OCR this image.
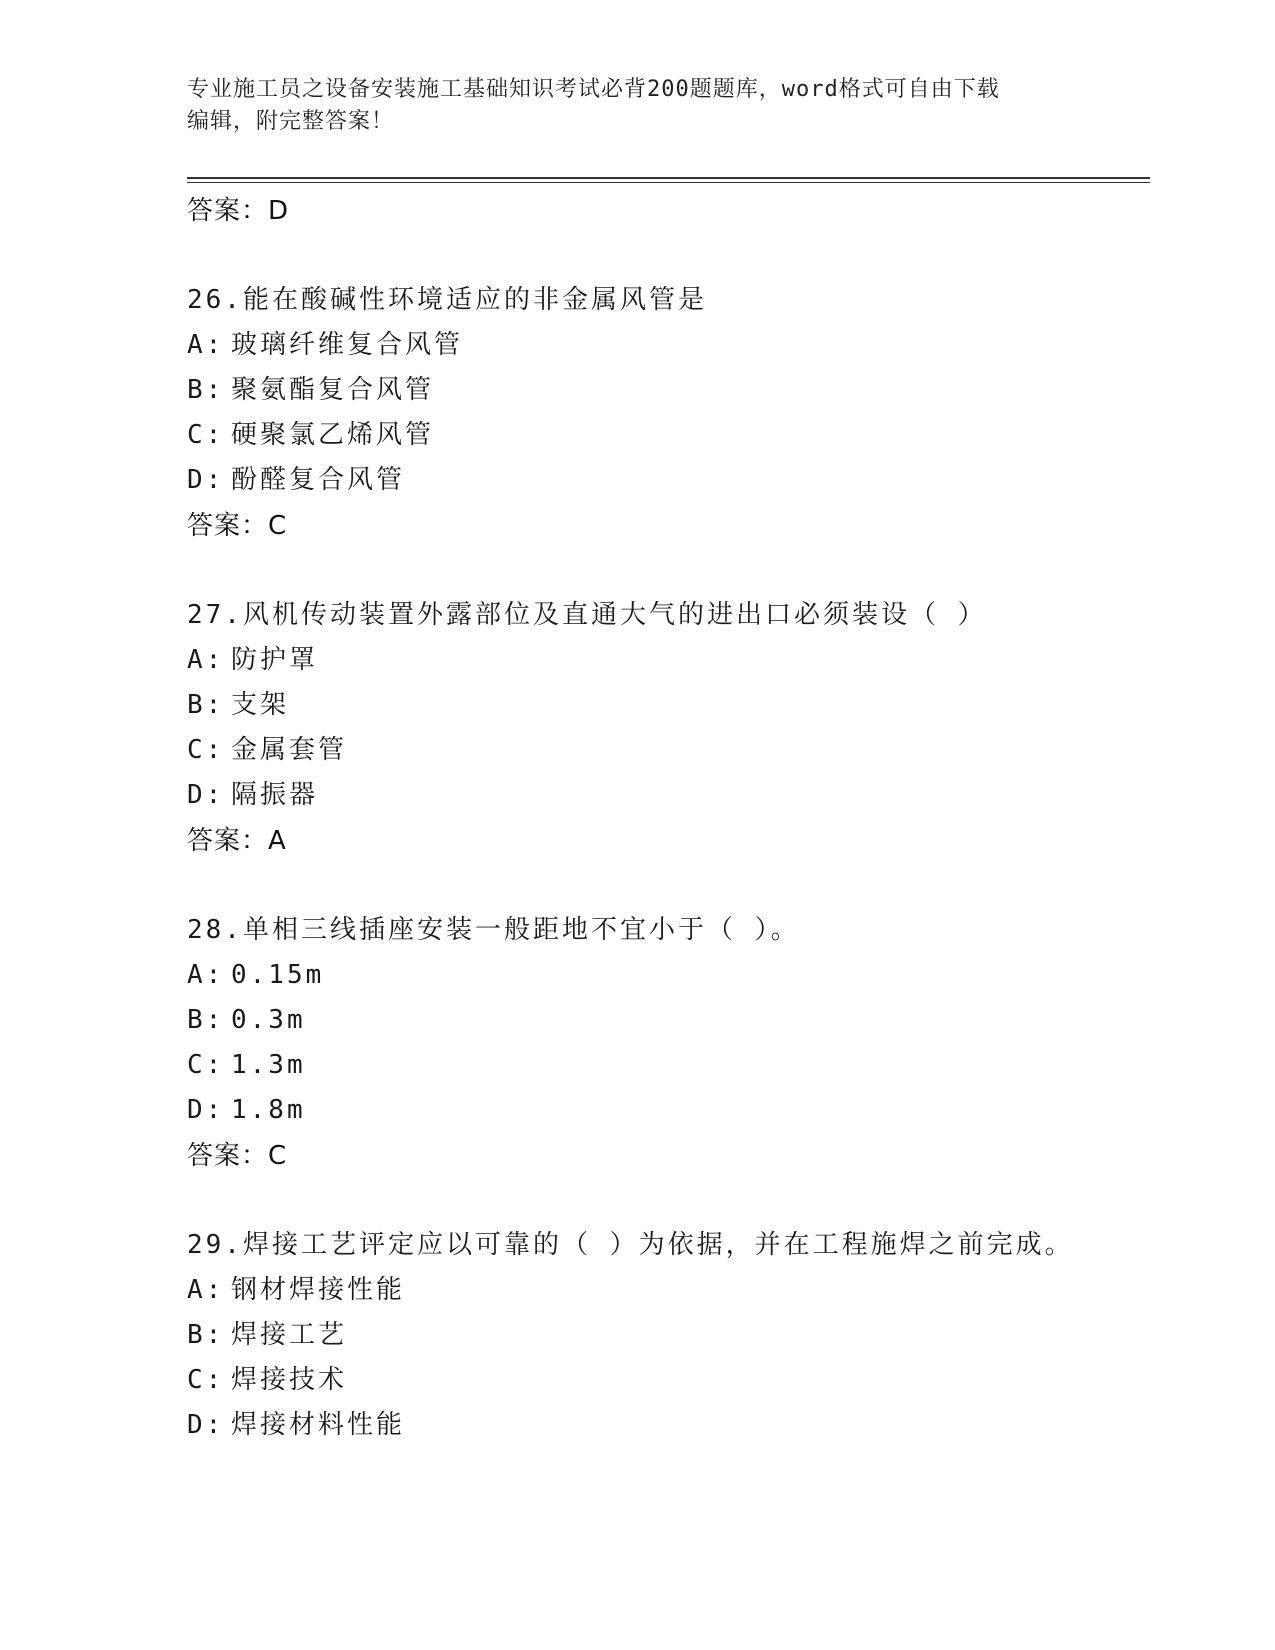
专业施工员之设备安装施工基础知识考试必背200题题库，word格式可自由下载
编辑，附完整答案！
答案：D
26.能在酸碱性环境适应的非金属风管是
A: 玻璃纤维复合风管
B: 聚氨酯复合风管
C: 硬聚氯乙烯风管
D: 酚醛复合风管
答案：C
27.风机传动装置外露部位及直通大气的进出口必须装设（ ）
A: 防护罩
B: 支架
C: 金属套管
D: 隔振器
答案：A
28.单相三线插座安装一般距地不宜小于（ ）。
A: 0.15m
B: 0.3m
C: 1.3m
D: 1.8m
答案：C
29.焊接工艺评定应以可靠的（ ）为依据，并在工程施焊之前完成。
A: 钢材焊接性能
B: 焊接工艺
C: 焊接技术
D: 焊接材料性能
